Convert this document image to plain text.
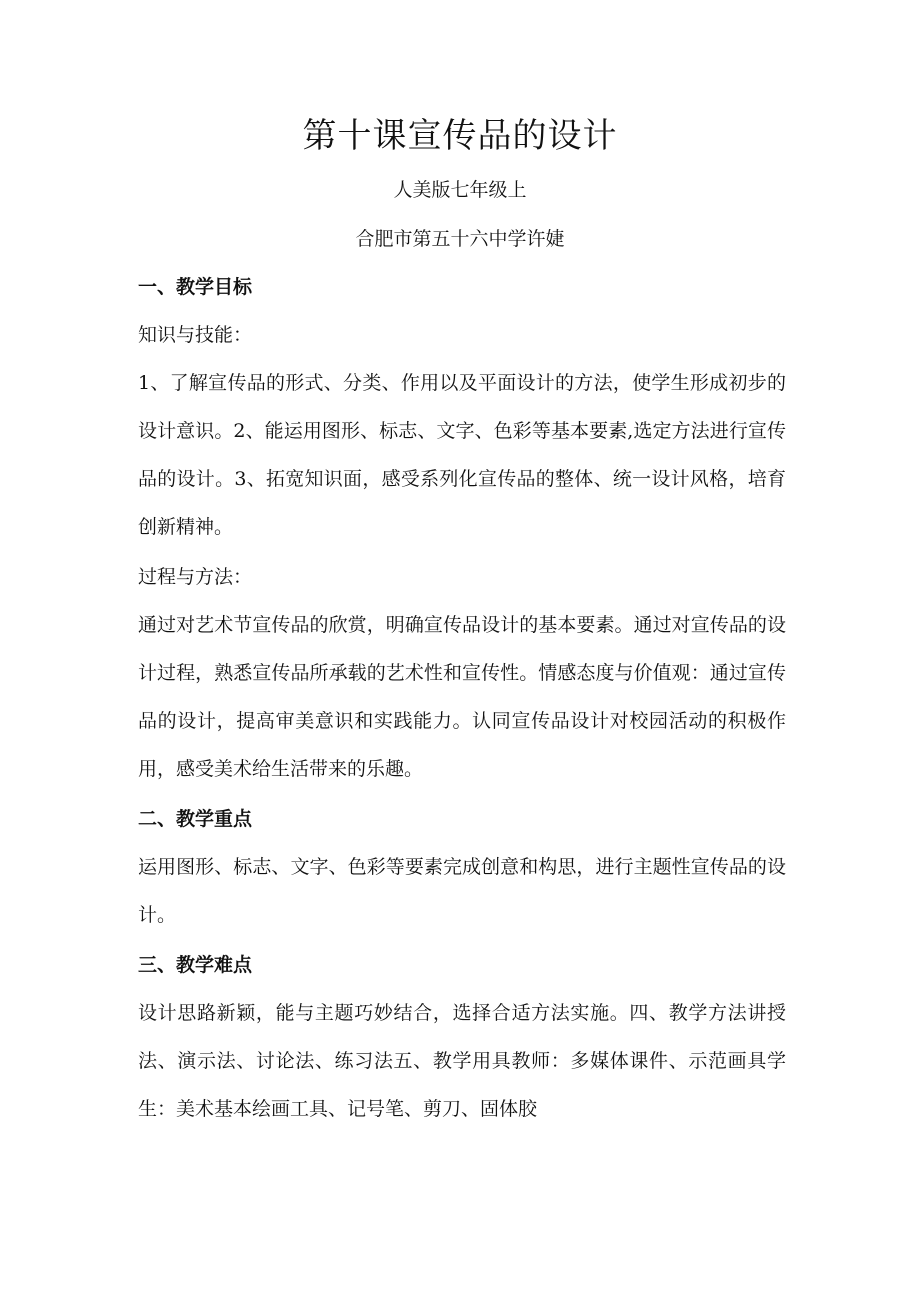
第十课宣传品的设计
人美版七年级上
合肥市第五十六中学许婕
一、教学目标
知识与技能：
1、了解宣传品的形式、分类、作用以及平面设计的方法，使学生形成初步的设计意识。2、能运用图形、标志、文字、色彩等基本要素,选定方法进行宣传品的设计。3、拓宽知识面，感受系列化宣传品的整体、统一设计风格，培育创新精神。
过程与方法：
通过对艺术节宣传品的欣赏，明确宣传品设计的基本要素。通过对宣传品的设计过程，熟悉宣传品所承载的艺术性和宣传性。情感态度与价值观：通过宣传品的设计，提高审美意识和实践能力。认同宣传品设计对校园活动的积极作用，感受美术给生活带来的乐趣。
二、教学重点
运用图形、标志、文字、色彩等要素完成创意和构思，进行主题性宣传品的设计。
三、教学难点
设计思路新颖，能与主题巧妙结合，选择合适方法实施。四、教学方法讲授法、演示法、讨论法、练习法五、教学用具教师：多媒体课件、示范画具学生：美术基本绘画工具、记号笔、剪刀、固体胶
